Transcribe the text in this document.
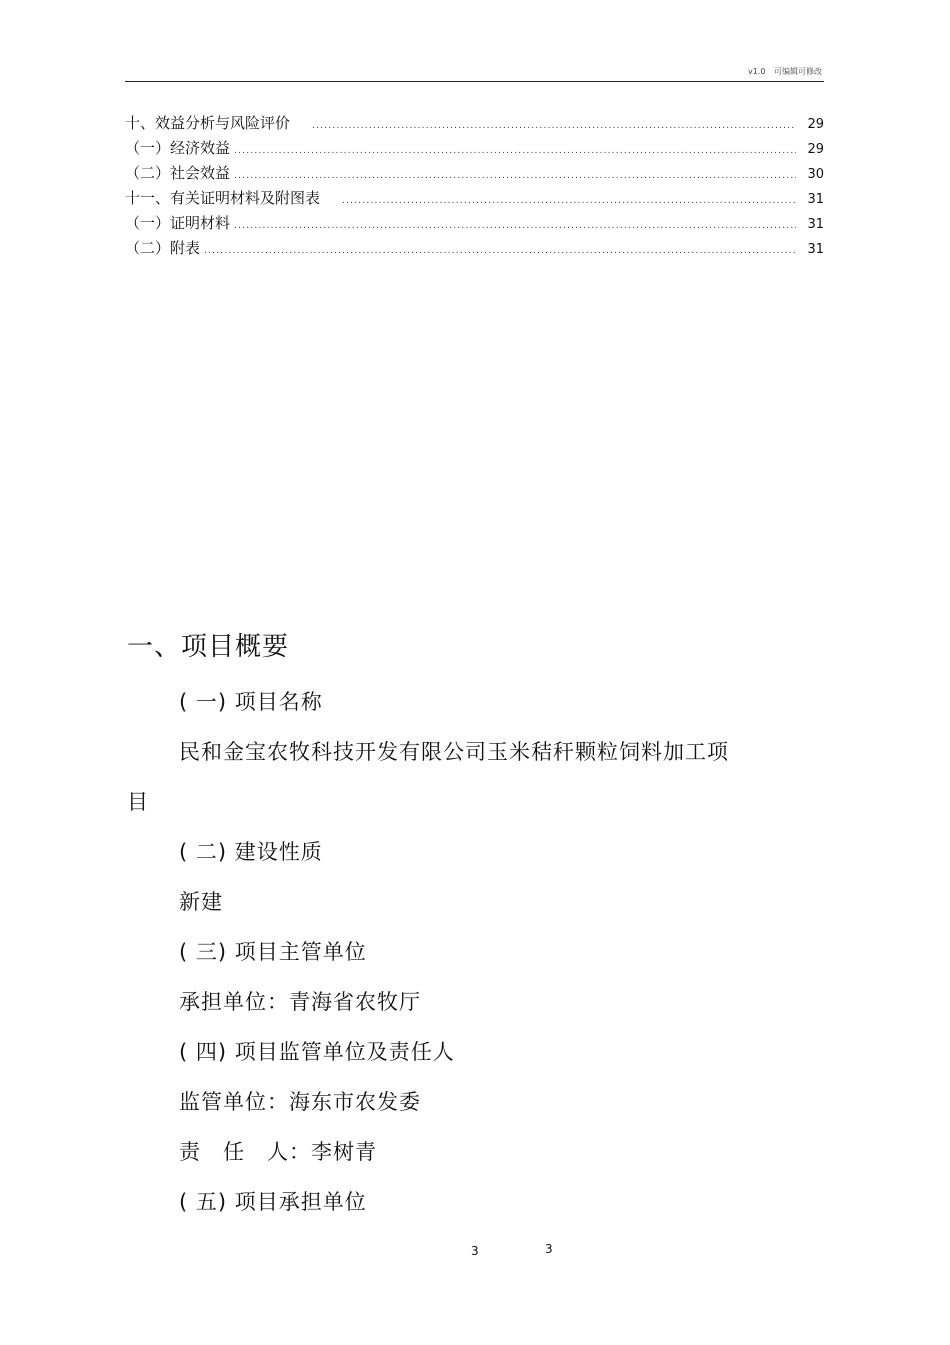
v1.0 可编辑可修改
十、效益分析与风险评价 .....	29
（一）经济效益 .....	29
（二）社会效益 .....	30
十一、有关证明材料及附图表 .....	31
（一）证明材料 .....	31
（二）附表 .....	31
一、项目概要
( 一) 项目名称
民和金宝农牧科技开发有限公司玉米秸秆颗粒饲料加工项
目
( 二) 建设性质
新建
( 三) 项目主管单位
承担单位：青海省农牧厅
( 四) 项目监管单位及责任人
监管单位：海东市农发委
责　任　人：李树青
( 五) 项目承担单位
3	3
